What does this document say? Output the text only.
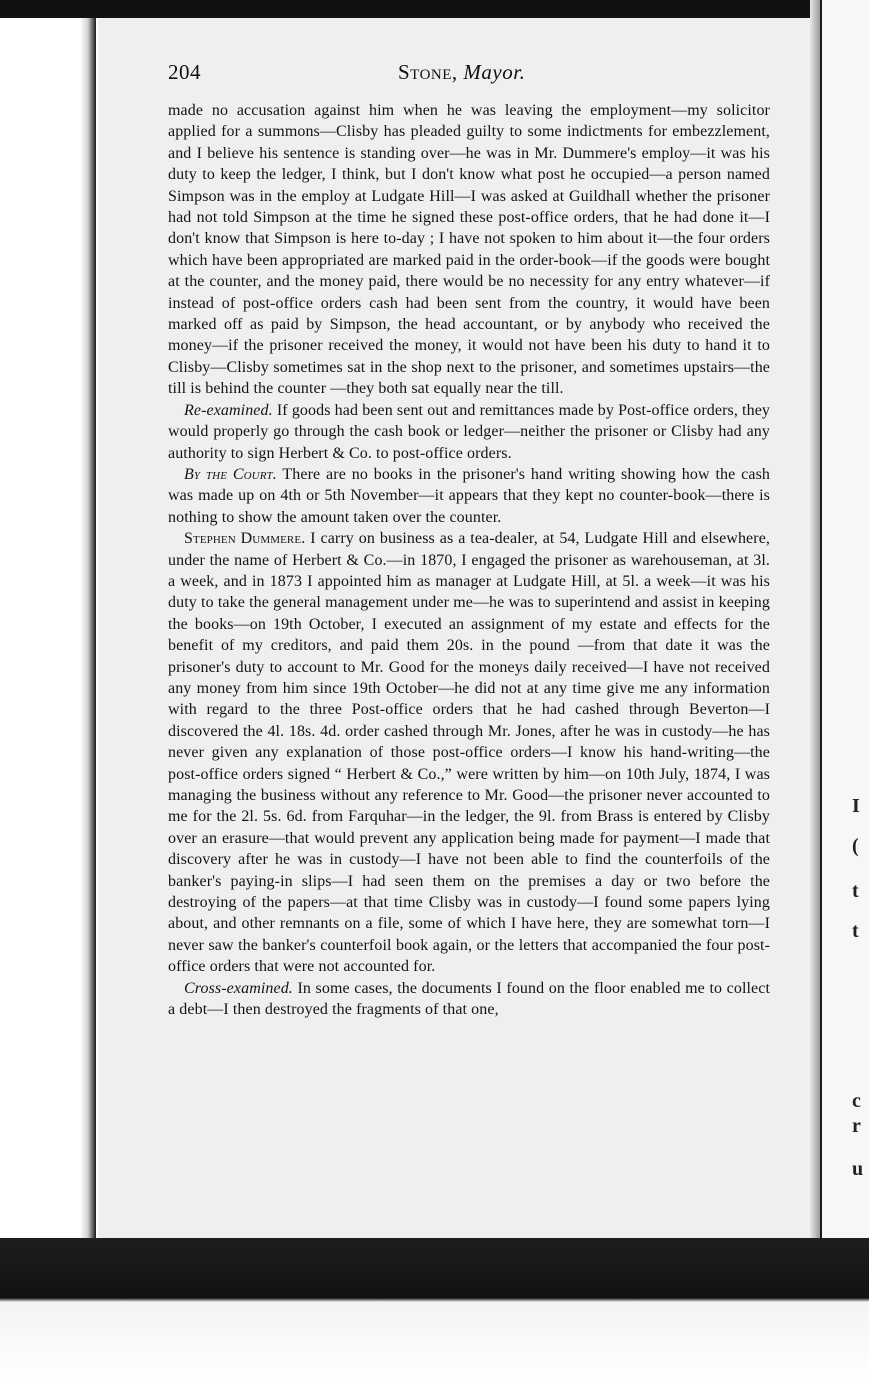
I
(
t
t
c
r
u
204	Stone, Mayor.

made no accusation against him when he was leaving the employment—my solicitor applied for a summons—Clisby has pleaded guilty to some indictments for embezzlement, and I believe his sentence is standing over—he was in Mr. Dummere's employ—it was his duty to keep the ledger, I think, but I don't know what post he occupied—a person named Simpson was in the employ at Ludgate Hill—I was asked at Guildhall whether the prisoner had not told Simpson at the time he signed these post-office orders, that he had done it—I don't know that Simpson is here to-day ; I have not spoken to him about it—the four orders which have been appropriated are marked paid in the order-book—if the goods were bought at the counter, and the money paid, there would be no necessity for any entry whatever—if instead of post-office orders cash had been sent from the country, it would have been marked off as paid by Simpson, the head accountant, or by anybody who received the money—if the prisoner received the money, it would not have been his duty to hand it to Clisby—Clisby sometimes sat in the shop next to the prisoner, and sometimes upstairs—the till is behind the counter —they both sat equally near the till.

Re-examined. If goods had been sent out and remittances made by Post-office orders, they would properly go through the cash book or ledger—neither the prisoner or Clisby had any authority to sign Herbert & Co. to post-office orders.

By the Court. There are no books in the prisoner's hand writing showing how the cash was made up on 4th or 5th November—it appears that they kept no counter-book—there is nothing to show the amount taken over the counter.

Stephen Dummere. I carry on business as a tea-dealer, at 54, Ludgate Hill and elsewhere, under the name of Herbert & Co.—in 1870, I engaged the prisoner as warehouseman, at 3l. a week, and in 1873 I appointed him as manager at Ludgate Hill, at 5l. a week—it was his duty to take the general management under me—he was to superintend and assist in keeping the books—on 19th October, I executed an assignment of my estate and effects for the benefit of my creditors, and paid them 20s. in the pound —from that date it was the prisoner's duty to account to Mr. Good for the moneys daily received—I have not received any money from him since 19th October—he did not at any time give me any information with regard to the three Post-office orders that he had cashed through Beverton—I discovered the 4l. 18s. 4d. order cashed through Mr. Jones, after he was in custody—he has never given any explanation of those post-office orders—I know his hand-writing—the post-office orders signed “ Herbert & Co.,” were written by him—on 10th July, 1874, I was managing the business without any reference to Mr. Good—the prisoner never accounted to me for the 2l. 5s. 6d. from Farquhar—in the ledger, the 9l. from Brass is entered by Clisby over an erasure—that would prevent any application being made for payment—I made that discovery after he was in custody—I have not been able to find the counterfoils of the banker's paying-in slips—I had seen them on the premises a day or two before the destroying of the papers—at that time Clisby was in custody—I found some papers lying about, and other remnants on a file, some of which I have here, they are somewhat torn—I never saw the banker's counterfoil book again, or the letters that accompanied the four post-office orders that were not accounted for.

Cross-examined. In some cases, the documents I found on the floor enabled me to collect a debt—I then destroyed the fragments of that one,
